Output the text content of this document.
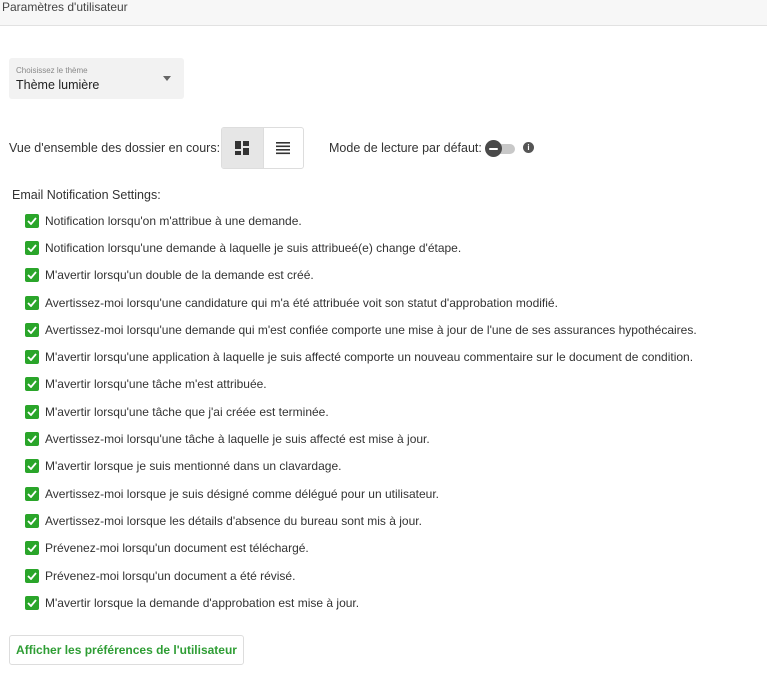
Paramètres d'utilisateur
Choisissez le thème
Thème lumière
Vue d'ensemble des dossier en cours:	Mode de lecture par défaut:	i
Email Notification Settings:
Notification lorsqu'on m'attribue à une demande.
Notification lorsqu'une demande à laquelle je suis attribueé(e) change d'étape.
M'avertir lorsqu'un double de la demande est créé.
Avertissez-moi lorsqu'une candidature qui m'a été attribuée voit son statut d'approbation modifié.
Avertissez-moi lorsqu'une demande qui m'est confiée comporte une mise à jour de l'une de ses assurances hypothécaires.
M'avertir lorsqu'une application à laquelle je suis affecté comporte un nouveau commentaire sur le document de condition.
M'avertir lorsqu'une tâche m'est attribuée.
M'avertir lorsqu'une tâche que j'ai créée est terminée.
Avertissez-moi lorsqu'une tâche à laquelle je suis affecté est mise à jour.
M'avertir lorsque je suis mentionné dans un clavardage.
Avertissez-moi lorsque je suis désigné comme délégué pour un utilisateur.
Avertissez-moi lorsque les détails d'absence du bureau sont mis à jour.
Prévenez-moi lorsqu'un document est téléchargé.
Prévenez-moi lorsqu'un document a été révisé.
M'avertir lorsque la demande d'approbation est mise à jour.
Afficher les préférences de l'utilisateur
